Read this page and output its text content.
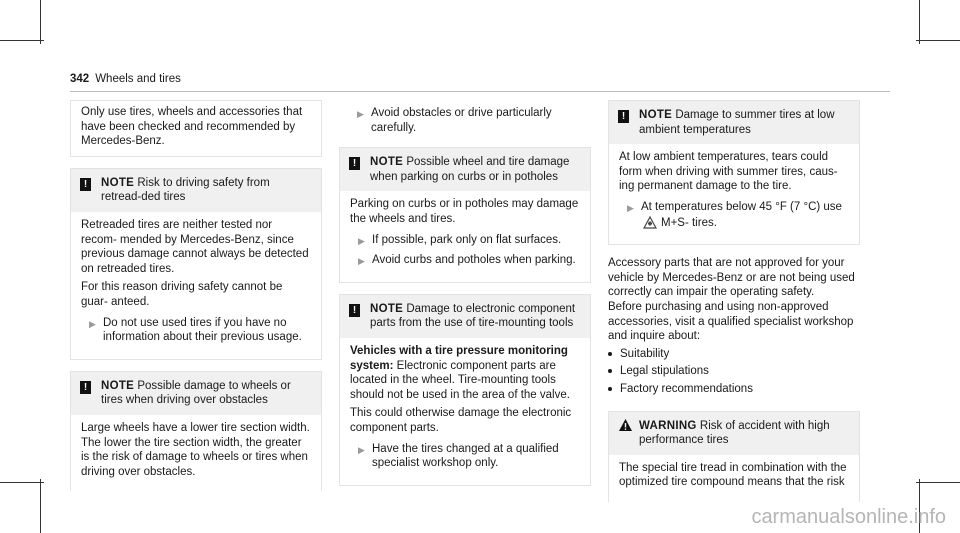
342 Wheels and tires

Only use tires, wheels and accessories that have been checked and recommended by Mercedes-Benz.

!	NOTE Risk to driving safety from retread-ded tires

Retreaded tires are neither tested nor recom- mended by Mercedes-Benz, since previous damage cannot always be detected on retreaded tires.

For this reason driving safety cannot be guar- anteed.

▶ Do not use used tires if you have no information about their previous usage.
!	NOTE Possible damage to wheels or tires when driving over obstacles

Large wheels have a lower tire section width. The lower the tire section width, the greater is the risk of damage to wheels or tires when driving over obstacles.

▶ Avoid obstacles or drive particularly carefully.
!	NOTE Possible wheel and tire damage when parking on curbs or in potholes

Parking on curbs or in potholes may damage the wheels and tires.

▶ If possible, park only on flat surfaces.
▶ Avoid curbs and potholes when parking.
!	NOTE Damage to electronic component parts from the use of tire-mounting tools

Vehicles with a tire pressure monitoring system: Electronic component parts are located in the wheel. Tire-mounting tools should not be used in the area of the valve.

This could otherwise damage the electronic component parts.

▶ Have the tires changed at a qualified specialist workshop only.
!	NOTE Damage to summer tires at low ambient temperatures

At low ambient temperatures, tears could form when driving with summer tires, caus- ing permanent damage to the tire.

▶ At temperatures below 45 °F (7 °C) use
M+S- tires.

Accessory parts that are not approved for your vehicle by Mercedes-Benz or are not being used correctly can impair the operating safety.

Before purchasing and using non-approved accessories, visit a qualified specialist workshop and inquire about:

Suitability
Legal stipulations
Factory recommendations
WARNING Risk of accident with high performance tires

The special tire tread in combination with the optimized tire compound means that the risk

carmanualsonline.info
